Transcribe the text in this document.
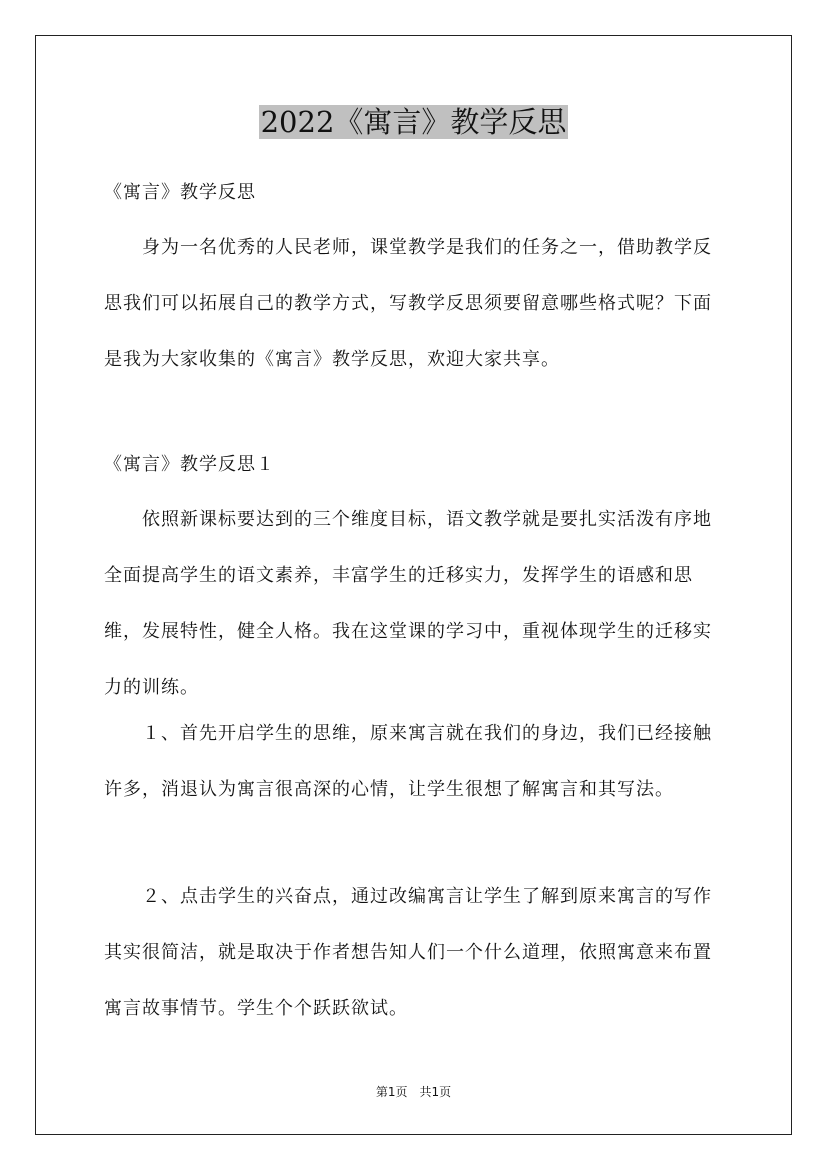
2022《寓言》教学反思

《寓言》教学反思

身为一名优秀的人民老师，课堂教学是我们的任务之一，借助教学反思我们可以拓展自己的教学方式，写教学反思须要留意哪些格式呢？下面是我为大家收集的《寓言》教学反思，欢迎大家共享。

《寓言》教学反思１

依照新课标要达到的三个维度目标，语文教学就是要扎实活泼有序地全面提高学生的语文素养，丰富学生的迁移实力，发挥学生的语感和思维，发展特性，健全人格。我在这堂课的学习中，重视体现学生的迁移实力的训练。

１、首先开启学生的思维，原来寓言就在我们的身边，我们已经接触许多，消退认为寓言很高深的心情，让学生很想了解寓言和其写法。

２、点击学生的兴奋点，通过改编寓言让学生了解到原来寓言的写作其实很简洁，就是取决于作者想告知人们一个什么道理，依照寓意来布置寓言故事情节。学生个个跃跃欲试。

第1页　共1页
